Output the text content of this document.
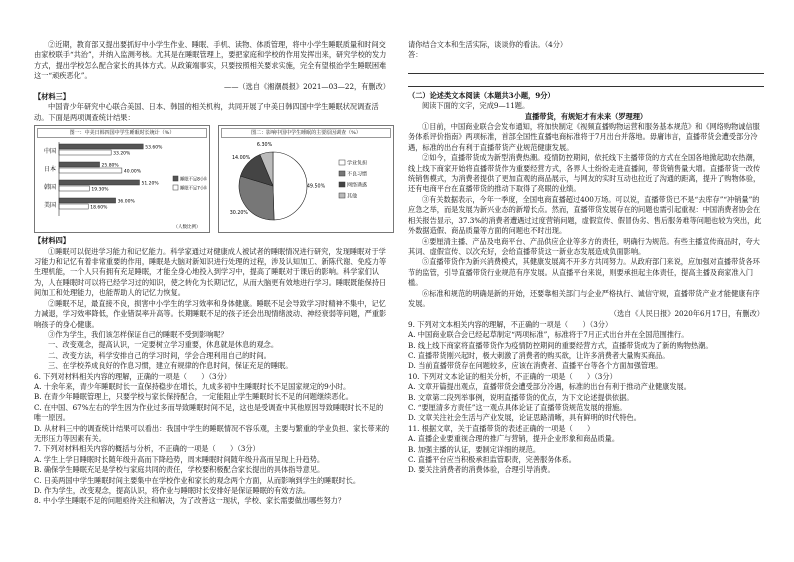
②近期，教育部又提出要抓好中小学生作业、睡眠、手机、读物、体质管理，将中小学生睡眠质量和时间交由家校联手“共治”，并纳入监测考核。尤其是在睡眠管理上，要把家庭和学校的作用发挥出来，研究学校的发力方式，提出学校怎么配合家长的具体方式。从政策端事实，只要按照相关要求实施，完全有望根治学生睡眠困难这一“顽疾恶化”。

——（选自《湘潮晨报》2021—03—22，有删改）

【材料三】

中国青少年研究中心联合美国、日本、韩国的相关机构，共同开展了中美日韩四国中学生睡眠状况调查活动。下面是两项调查统计结果：

图一：中美日韩四国中学生睡眠时长统计（%）
中国	53.60%
33.20%
日本	25.80%
40.00%
韩国	51.20%
19.30%
美国	36.00%
18.60%
睡眠不足8小时
睡眠不足7小时
（人数比例）
图二：影响中国中学生睡眠的主要原因调查（%）
49.50%
30.20%
14.00%
6.30%
学业负担
不良习惯
网络诱惑
其他

【材料四】

①睡眠可以促进学习能力和记忆能力。科学家通过对健康成人被试者的睡眠情况进行研究，发现睡眠对于学习能力和记忆有着非常重要的作用，睡眠是大脑对新知识进行处理的过程，涉及认知加工、新陈代谢、免疫力等生理机能，一个人只有拥有充足睡眠，才能全身心地投入到学习中，提高了睡眠对于课后的影响。科学家们认为，人在睡眠时可以将已经学习过的知识，使之转化为长期记忆，从而大脑更有效地进行学习。睡眠既能保持日间加工和处理能力，也能帮助人的记忆力恢复。

②睡眠不足，最直接不良，损害中小学生的学习效率和身体健康。睡眠不足会导致学习时精神不集中，记忆力减退，学习效率降低，作业错误率升高等。长期睡眠不足的孩子还会出现情绪波动、神经衰弱等问题，严重影响孩子的身心健康。

③作为学生，我们该怎样保证自己的睡眠不受到影响呢？

一、改变观念，提高认识，一定要树立学习重要，休息就是休息的观念。

二、改变方法，科学安排自己的学习时间，学会合理利用自己的时间。

三、在学校养成良好的作息习惯，建立有规律的作息时间，保证充足的睡眠。

6. 下列对材料相关内容的理解，正确的一项是（　　）（3分）

A. 十余年来，青少年睡眠时长一直保持稳步在增长，九成多初中生睡眠时长不足国家规定的9小时。

B. 在青少年睡眠管理上，只要学校与家长保持配合，一定能阻止学生睡眠时长不足的问题继续恶化。

C. 在中国、67%左右的学生因为作业过多而导致睡眠时间不足，这也是受调查中其他原因导致睡眠时长不足的唯一原因。

D. 从材料三中的调查统计结果可以看出：我国中学生的睡眠情况不容乐观，主要与繁重的学业负担、家长带来的无形压力等因素有关。

7. 下列对材料相关内容的概括与分析，不正确的一项是（　　）（3分）

A. 学生上学日睡眠时长随年级升高而下降趋势，周末睡眠时间随年级升高而呈现上升趋势。

B. 确保学生睡眠充足是学校与家庭共同的责任，学校要积极配合家长提出的具体指导意见。

C. 日美两国中学生睡眠时间主要集中在学校作业和家长的观念两个方面，从而影响到学生的睡眠时长。

D. 作为学生，改变观念，提高认识，将作业与睡眠时长安排好是保证睡眠的有效方法。

8. 中小学生睡眠不足的问题亟待关注和解决，为了改善这一现状，学校、家长需要做出哪些努力？

请你结合文本和生活实际，谈谈你的看法。（4分）

答：

（二）论述类文本阅读（本题共3小题，9分）

阅读下面的文字，完成9—11题。

直播带货，有规矩才有未来（罗理理）

①目前，中国商业联合会发布通知，将加快制定《视频直播购物运营和服务基本规范》和《网络购物诚信服务体系评价指南》两项标准，首部全国性直播电商标准将于7月出台并落地。毋庸讳言，直播带货会遭受部分冷遇，标准的出台有利于直播带货产业规范健康发展。

②如今，直播带货成为新型消费热潮。疫情防控期间，依托线下主播带货的方式在全国各地掀起助农热潮，线上线下商家开始将直播带货作为重要经营方式，各界人士纷纷走进直播间，带货销售量大增。直播带货一改传统销售模式，为消费者提供了更加直观的商品展示，与网友的实时互动也拉近了沟通的距离，提升了购物体验，还有电商平台在直播带货的推动下取得了亮眼的业绩。

③有关数据表示，今年一季度，全国电商直播超过400万场。可以说，直播带货已不是“去库存”“冲销量”的应急之举，而是发展为新兴业态的新增长点。然而，直播带货发展存在的问题也需引起重视：中国消费者协会在相关报告显示，37.3%的消费者遭遇过过度营销问题，虚假宣传、假冒伪劣、售后服务难等问题也较为突出，此外数据造假、商品质量等方面的问题也不时出现。

④要厘清主播、产品及电商平台、产品供应企业等多方的责任，明确行为规范。有些主播宣传商品时，夸大其词、虚假宣传、以次充好，会给直播带货这一新业态发展造成负面影响。

⑤直播带货作为新兴消费模式，其健康发展离不开多方共同努力。从政府部门来说，应加强对直播带货各环节的监管，引导直播带货行业规范有序发展。从直播平台来说，则要承担起主体责任，提高主播及商家准入门槛。

⑥标准和规范的明确是新的开始，还要靠相关部门与企业严格执行、诚信守规，直播带货产业才能健康有序发展。

（选自《人民日报》2020年6月17日，有删改）

9. 下列对文本相关内容的理解，不正确的一项是（　　）（3分）

A. 中国商业联合会已经起草制定“两项标准”，标准将于7月正式出台并在全国范围推行。

B. 线上线下商家将直播带货作为疫情防控期间的重要经营方式，直播带货成为了新的购物热潮。

C. 直播带货刚兴起时，极大刺激了消费者的购买欲，让许多消费者大量购买商品。

D. 当前直播带货存在问题较多，应该在消费者、直播平台等各个方面加强管理。

10. 下列对文本论证的相关分析，不正确的一项是（　　）（3分）

A. 文章开篇提出观点，直播带货会遭受部分冷遇，标准的出台有利于推动产业健康发展。

B. 文章第二段列举事例，说明直播带货的优点，为下文论述提供依据。

C. “要厘清多方责任”这一观点具体论证了直播带货规范发展的措施。

D. 文章关注社会生活与产业发展，论证思路清晰，具有鲜明的时代特色。

11. 根据文章，关于直播带货的表述正确的一项是（　　）

A. 直播企业要重视合理的推广与营销，提升企业形象和商品质量。

B. 加强主播的认证，要制定详细的规范。

C. 直播平台应当积极承担监管职责，完善服务体系。

D. 要关注消费者的消费体验，合理引导消费。
